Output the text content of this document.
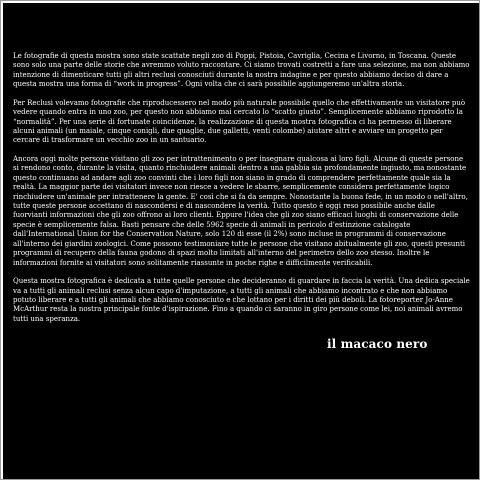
Le fotografie di questa mostra sono state scattate negli zoo di Poppi, Pistoia, Cavriglia, Cecina e Livorno, in Toscana. Queste sono solo una parte delle storie che avremmo voluto raccontare. Ci siamo trovati costretti a fare una selezione, ma non abbiamo intenzione di dimenticare tutti gli altri reclusi conosciuti durante la nostra indagine e per questo abbiamo deciso di dare a questa mostra una forma di “work in progress”. Ogni volta che ci sarà possibile aggiungeremo un'altra storia.

Per Reclusi volevamo fotografie che riproducessero nel modo più naturale possibile quello che effettivamente un visitatore può vedere quando entra in uno zoo, per questo non abbiamo mai cercato lo “scatto giusto”. Semplicemente abbiamo riprodotto la “normalità”. Per una serie di fortunate coincidenze, la realizzazione di questa mostra fotografica ci ha permesso di liberare alcuni animali (un maiale, cinque conigli, due quaglie, due galletti, venti colombe) aiutare altri e avviare un progetto per cercare di trasformare un vecchio zoo in un santuario.

Ancora oggi molte persone visitano gli zoo per intrattenimento o per insegnare qualcosa ai loro figli. Alcune di queste persone si rendono conto, durante la visita, quanto rinchiudere animali dentro a una gabbia sia profondamente ingiusto, ma nonostante questo continuano ad andare agli zoo convinti che i loro figli non siano in grado di comprendere perfettamente quale sia la realtà. La maggior parte dei visitatori invece non riesce a vedere le sbarre, semplicemente considera perfettamente logico rinchiudere un'animale per intrattenere la gente. E' così che si fa da sempre. Nonostante la buona fede, in un modo o nell'altro, tutte queste persone accettano di nascondersi e di nascondere la verità. Tutto questo è oggi reso possibile anche dalle fuorvianti informazioni che gli zoo offrono ai loro clienti. Eppure l'idea che gli zoo siano efficaci luoghi di conservazione delle specie è semplicemente falsa. Basti pensare che delle 5962 specie di animali in pericolo d'estinzione catalogate dall'International Union for the Conservation Nature, solo 120 di esse (il 2%) sono incluse in programmi di conservazione all'interno dei giardini zoologici. Come possono testimoniare tutte le persone che visitano abitualmente gli zoo, questi presunti programmi di recupero della fauna godono di spazi molto limitati all'interno del perimetro dello zoo stesso. Inoltre le informazioni fornite ai visitatori sono solitamente riassunte in poche righe e difficilmente verificabili.

Questa mostra fotografica è dedicata a tutte quelle persone che decideranno di guardare in faccia la verità. Una dedica speciale va a tutti gli animali reclusi senza alcun capo d'imputazione, a tutti gli animali che abbiamo incontrato e che non abbiamo potuto liberare e a tutti gli animali che abbiamo conosciuto e che lottano per i diritti dei più deboli. La fotoreporter Jo-Anne McArthur resta la nostra principale fonte d'ispirazione. Fino a quando ci saranno in giro persone come lei, noi animali avremo tutti una speranza.

il macaco nero
